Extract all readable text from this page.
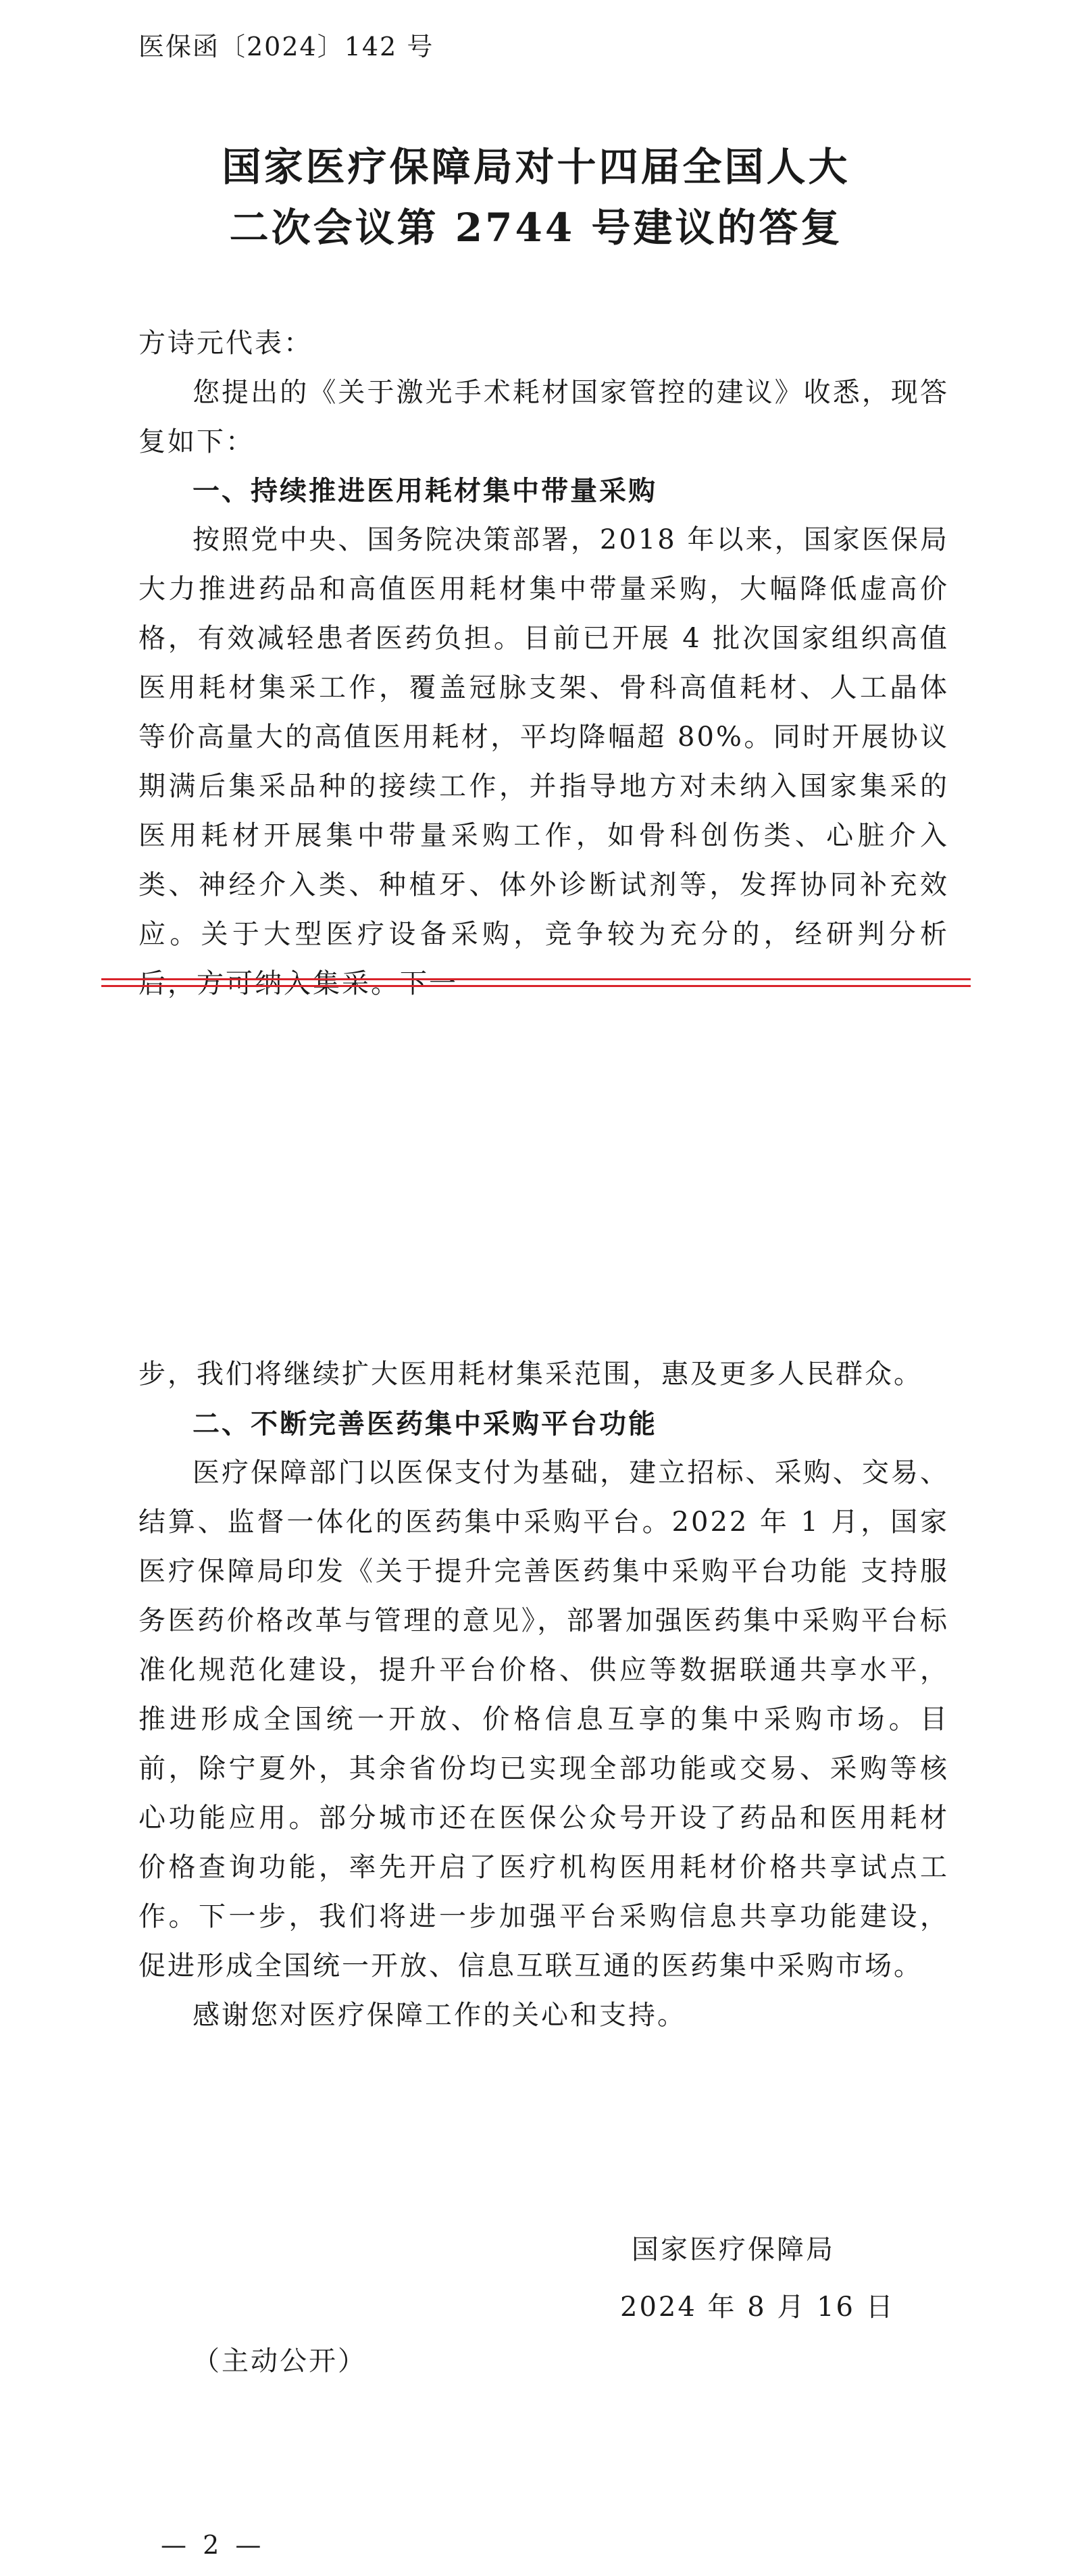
医保函〔2024〕142 号
国家医疗保障局对十四届全国人大
二次会议第 2744 号建议的答复
方诗元代表：
您提出的《关于激光手术耗材国家管控的建议》收悉，现答复如下：
一、持续推进医用耗材集中带量采购
按照党中央、国务院决策部署，2018 年以来，国家医保局大力推进药品和高值医用耗材集中带量采购，大幅降低虚高价格，有效减轻患者医药负担。目前已开展 4 批次国家组织高值医用耗材集采工作，覆盖冠脉支架、骨科高值耗材、人工晶体等价高量大的高值医用耗材，平均降幅超 80%。同时开展协议期满后集采品种的接续工作，并指导地方对未纳入国家集采的医用耗材开展集中带量采购工作，如骨科创伤类、心脏介入类、神经介入类、种植牙、体外诊断试剂等，发挥协同补充效应。关于大型医疗设备采购，竞争较为充分的，经研判分析后，方可纳入集采。下一
步，我们将继续扩大医用耗材集采范围，惠及更多人民群众。
二、不断完善医药集中采购平台功能
医疗保障部门以医保支付为基础，建立招标、采购、交易、结算、监督一体化的医药集中采购平台。2022 年 1 月，国家医疗保障局印发《关于提升完善医药集中采购平台功能 支持服务医药价格改革与管理的意见》，部署加强医药集中采购平台标准化规范化建设，提升平台价格、供应等数据联通共享水平，推进形成全国统一开放、价格信息互享的集中采购市场。目前，除宁夏外，其余省份均已实现全部功能或交易、采购等核心功能应用。部分城市还在医保公众号开设了药品和医用耗材价格查询功能，率先开启了医疗机构医用耗材价格共享试点工作。下一步，我们将进一步加强平台采购信息共享功能建设，促进形成全国统一开放、信息互联互通的医药集中采购市场。
感谢您对医疗保障工作的关心和支持。
国家医疗保障局
2024 年 8 月 16 日
（主动公开）
— 2 —
